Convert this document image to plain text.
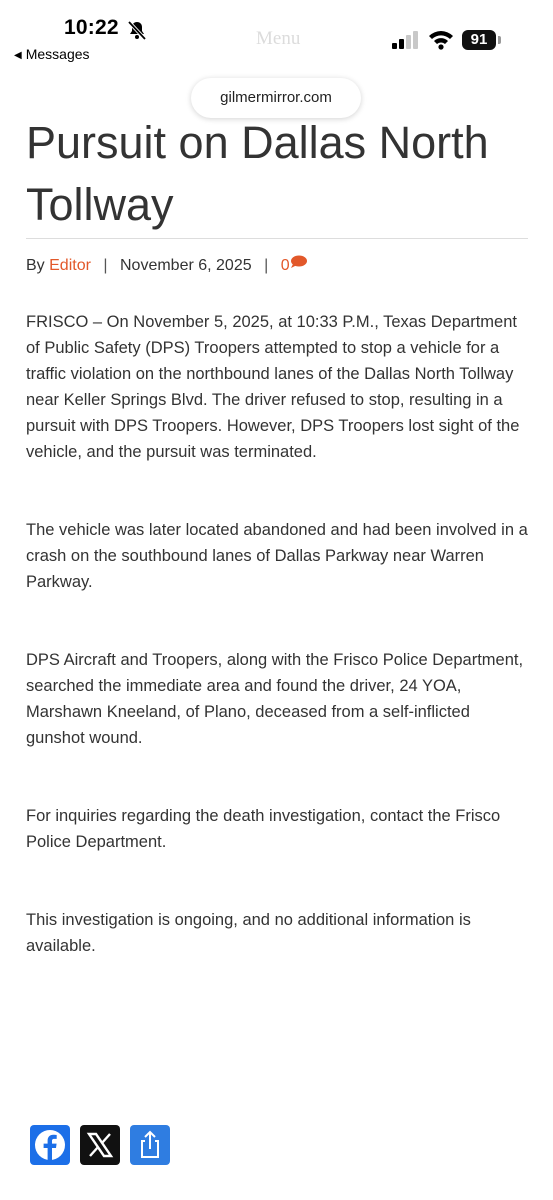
10:22
◀ Messages
Menu	91
gilmermirror.com
Pursuit on Dallas North Tollway
By Editor | November 6, 2025 | 0

FRISCO – On November 5, 2025, at 10:33 P.M., Texas Department of Public Safety (DPS) Troopers attempted to stop a vehicle for a traffic violation on the northbound lanes of the Dallas North Tollway near Keller Springs Blvd. The driver refused to stop, resulting in a pursuit with DPS Troopers. However, DPS Troopers lost sight of the vehicle, and the pursuit was terminated.

The vehicle was later located abandoned and had been involved in a crash on the southbound lanes of Dallas Parkway near Warren Parkway.

DPS Aircraft and Troopers, along with the Frisco Police Department, searched the immediate area and found the driver, 24 YOA, Marshawn Kneeland, of Plano, deceased from a self-inflicted gunshot wound.

For inquiries regarding the death investigation, contact the Frisco Police Department.

This investigation is ongoing, and no additional information is available.
